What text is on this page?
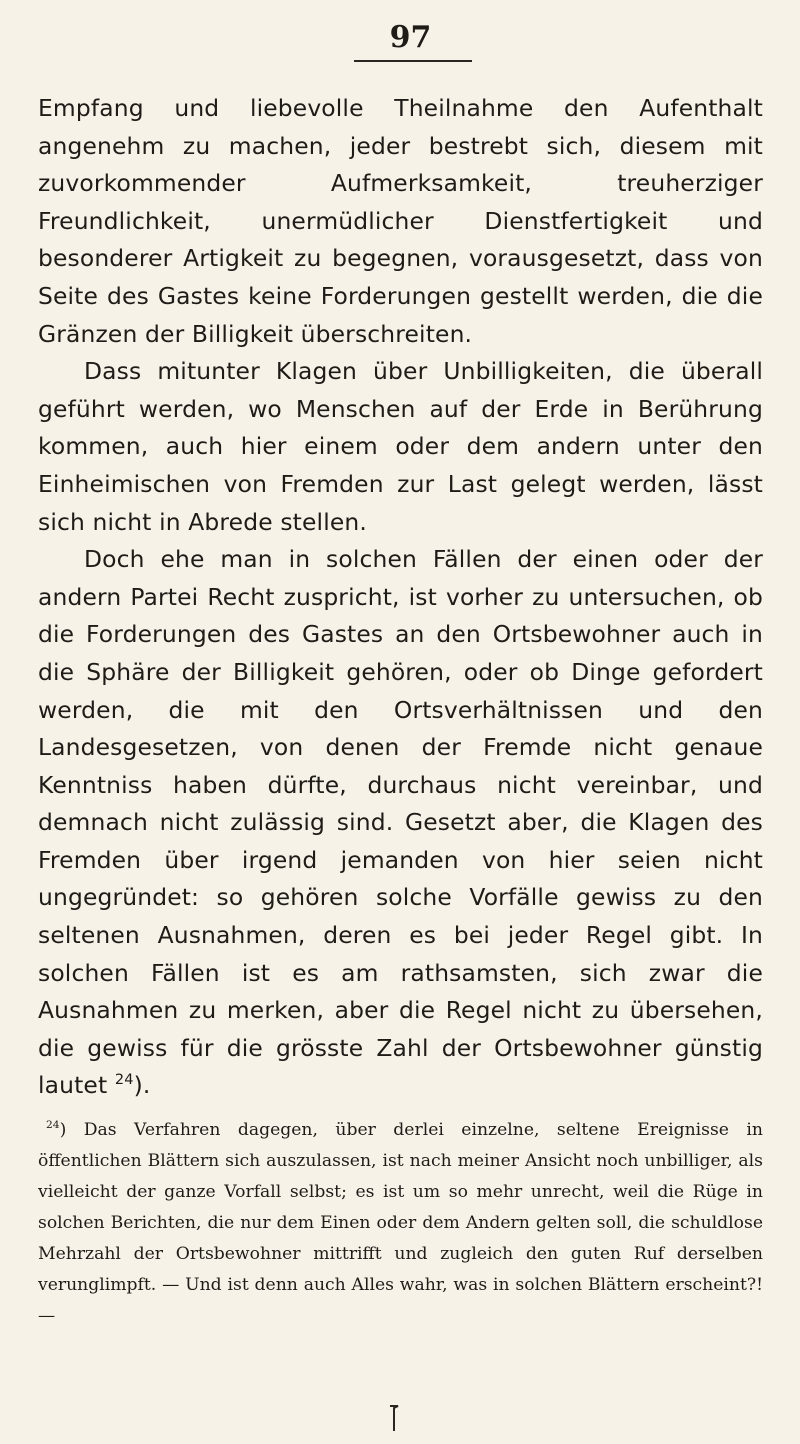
97

Empfang und liebevolle Theilnahme den Aufenthalt angenehm zu machen, jeder bestrebt sich, diesem mit zuvorkommender Aufmerksamkeit, treuherziger Freundlichkeit, unermüdlicher Dienstfertigkeit und besonderer Artigkeit zu begegnen, vorausgesetzt, dass von Seite des Gastes keine Forderungen gestellt werden, die die Gränzen der Billigkeit überschreiten.

Dass mitunter Klagen über Unbilligkeiten, die überall geführt werden, wo Menschen auf der Erde in Berührung kommen, auch hier einem oder dem andern unter den Einheimischen von Fremden zur Last gelegt werden, lässt sich nicht in Abrede stellen.

Doch ehe man in solchen Fällen der einen oder der andern Partei Recht zuspricht, ist vorher zu untersuchen, ob die Forderungen des Gastes an den Ortsbewohner auch in die Sphäre der Billigkeit gehören, oder ob Dinge gefordert werden, die mit den Ortsverhältnissen und den Landesgesetzen, von denen der Fremde nicht genaue Kenntniss haben dürfte, durchaus nicht vereinbar, und demnach nicht zulässig sind. Gesetzt aber, die Klagen des Fremden über irgend jemanden von hier seien nicht ungegründet: so gehören solche Vorfälle gewiss zu den seltenen Ausnahmen, deren es bei jeder Regel gibt. In solchen Fällen ist es am rathsamsten, sich zwar die Ausnahmen zu merken, aber die Regel nicht zu übersehen, die gewiss für die grösste Zahl der Ortsbewohner günstig lautet $^{24}$).

$^{24}$) Das Verfahren dagegen, über derlei einzelne, seltene Ereignisse in öffentlichen Blättern sich auszulassen, ist nach meiner Ansicht noch unbilliger, als vielleicht der ganze Vorfall selbst; es ist um so mehr unrecht, weil die Rüge in solchen Berichten, die nur dem Einen oder dem Andern gelten soll, die schuldlose Mehrzahl der Ortsbewohner mittrifft und zugleich den guten Ruf derselben verunglimpft. — Und ist denn auch Alles wahr, was in solchen Blättern erscheint?! —
